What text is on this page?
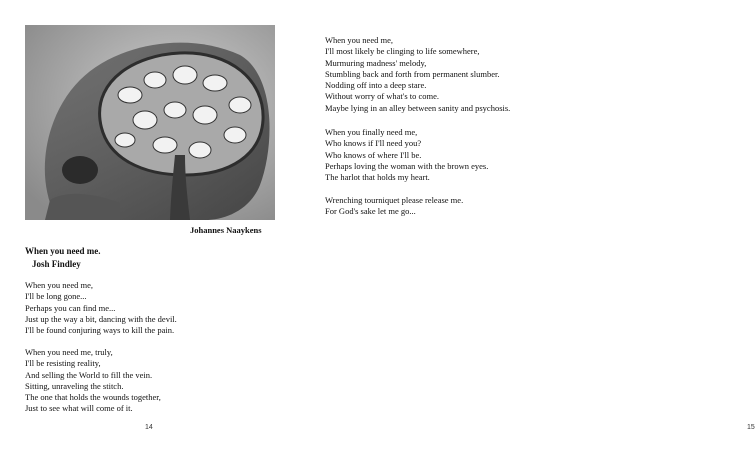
Johannes Naaykens
When you need me.
Josh Findley
When you need me,
I'll be long gone...
Perhaps you can find me...
Just up the way a bit, dancing with the devil.
I'll be found conjuring ways to kill the pain.
When you need me, truly,
I'll be resisting reality,
And selling the World to fill the vein.
Sitting, unraveling the stitch.
The one that holds the wounds together,
Just to see what will come of it.
14
When you need me,
I'll most likely be clinging to life somewhere,
Murmuring madness' melody,
Stumbling back and forth from permanent slumber.
Nodding off into a deep stare.
Without worry of what's to come.
Maybe lying in an alley between sanity and psychosis.
When you finally need me,
Who knows if I'll need you?
Who knows of where I'll be.
Perhaps loving the woman with the brown eyes.
The harlot that holds my heart.
Wrenching tourniquet please release me.
For God's sake let me go...
15
